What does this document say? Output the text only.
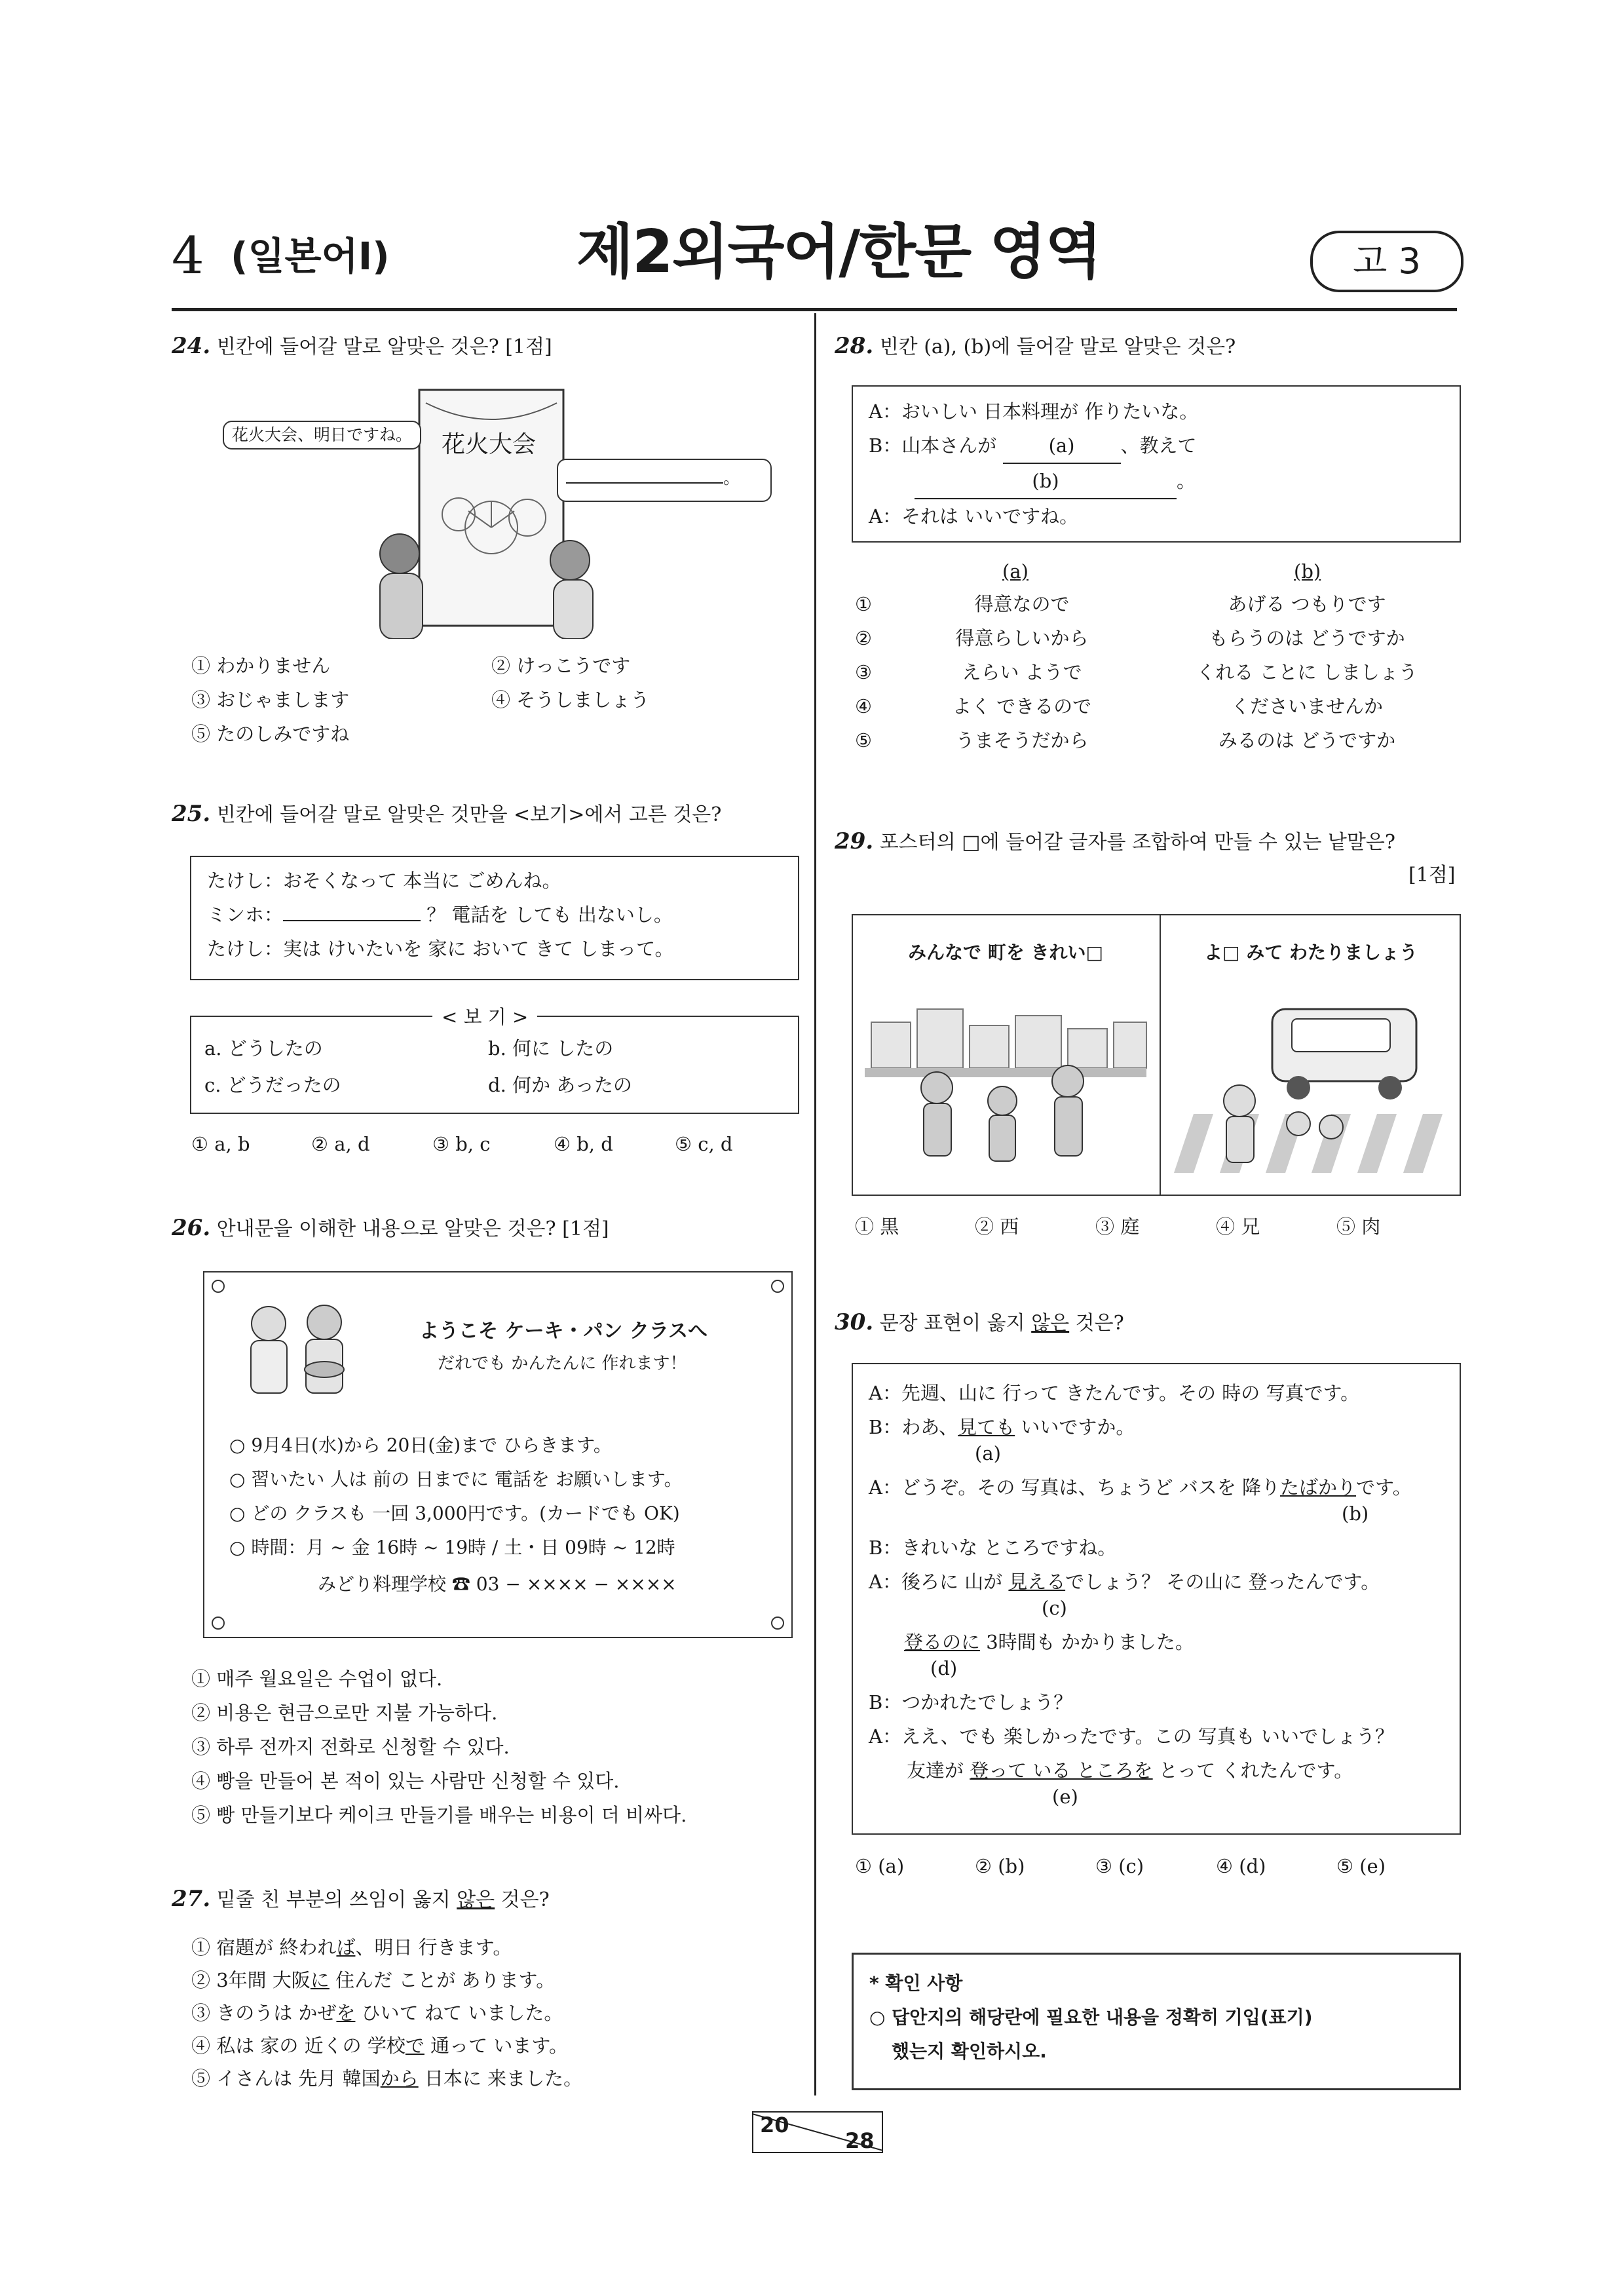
4 (일본어Ⅰ)	제2외국어/한문 영역	고 3
24. 빈칸에 들어갈 말로 알맞은 것은? [1점]
花火大会、明日ですね。	花火大会
。
① わかりません	② けっこうです
③ おじゃまします	④ そうしましょう
⑤ たのしみですね
25. 빈칸에 들어갈 말로 알맞은 것만을 <보기>에서 고른 것은?
たけし：おそくなって 本当に ごめんね。
ミンホ：	？ 電話を しても 出ないし。
たけし：実は けいたいを 家に おいて きて しまって。
< 보 기 >
a. どうしたの	b. 何に したの
c. どうだったの	d. 何か あったの
① a, b	② a, d	③ b, c	④ b, d	⑤ c, d
26. 안내문을 이해한 내용으로 알맞은 것은? [1점]
ようこそ ケーキ・パン クラスへ
だれでも かんたんに 作れます！
○ 9月4日(水)から 20日(金)まで ひらきます。
○ 習いたい 人は 前の 日までに 電話を お願いします。
○ どの クラスも 一回 3,000円です。(カードでも OK)
○ 時間：月 ~ 金 16時 ~ 19時 / 土・日 09時 ~ 12時
みどり料理学校 ☎ 03 − ×××× − ××××
① 매주 월요일은 수업이 없다.
② 비용은 현금으로만 지불 가능하다.
③ 하루 전까지 전화로 신청할 수 있다.
④ 빵을 만들어 본 적이 있는 사람만 신청할 수 있다.
⑤ 빵 만들기보다 케이크 만들기를 배우는 비용이 더 비싸다.
27. 밑줄 친 부분의 쓰임이 옳지 않은 것은?
① 宿題が 終われば、明日 行きます。
② 3年間 大阪に 住んだ ことが あります。
③ きのうは かぜを ひいて ねて いました。
④ 私は 家の 近くの 学校で 通って います。
⑤ イさんは 先月 韓国から 日本に 来ました。
28. 빈칸 (a), (b)에 들어갈 말로 알맞은 것은?
A：おいしい 日本料理が 作りたいな。
B：山本さんが (a) 、教えて
(b)	。
A：それは いいですね。
(a)	(b)
①	得意なので	あげる つもりです
②	得意らしいから	もらうのは どうですか
③	えらい ようで	くれる ことに しましょう
④	よく できるので	くださいませんか
⑤	うまそうだから	みるのは どうですか
29. 포스터의 □에 들어갈 글자를 조합하여 만들 수 있는 낱말은?
[1점]
みんなで 町を きれい□	よ□ みて わたりましょう
① 黒	② 西	③ 庭	④ 兄	⑤ 肉
30. 문장 표현이 옳지 않은 것은?
A：先週、山に 行って きたんです。その 時の 写真です。
B：わあ、見ても いいですか。
(a)
A：どうぞ。その 写真は、ちょうど バスを 降りたばかりです。
(b)
B：きれいな ところですね。
A：後ろに 山が 見えるでしょう？ その山に 登ったんです。
(c)
登るのに 3時間も かかりました。
(d)
B：つかれたでしょう？
A：ええ、でも 楽しかったです。この 写真も いいでしょう？
友達が 登って いる ところを とって くれたんです。
(e)
① (a)	② (b)	③ (c)	④ (d)	⑤ (e)
* 확인 사항
○ 답안지의 해당란에 필요한 내용을 정확히 기입(표기)
했는지 확인하시오.
20
28
